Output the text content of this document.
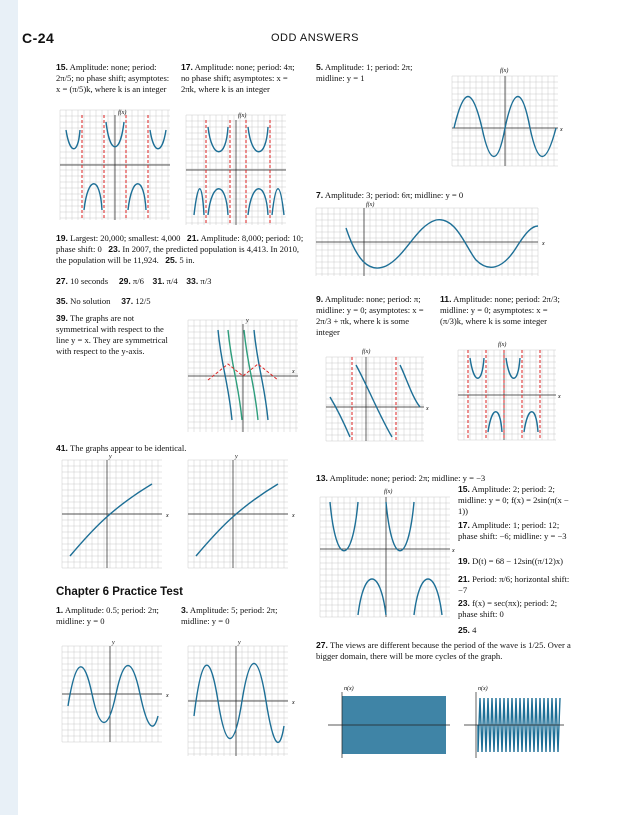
C-24	ODD ANSWERS
15. Amplitude: none; period: 2π/5; no phase shift; asymptotes: x = (π/5)k, where k is an integer
17. Amplitude: none; period: 4π; no phase shift; asymptotes: x = 2πk, where k is an integer
f(x)	f(x)
19. Largest: 20,000; smallest: 4,000 21. Amplitude: 8,000; period: 10; phase shift: 0 23. In 2007, the predicted population is 4,413. In 2010, the population will be 11,924. 25. 5 in.
27. 10 seconds 29. π/6 31. π/4 33. π/3
35. No solution 37. 12/5
39. The graphs are not symmetrical with respect to the line y = x. They are symmetrical with respect to the y-axis.
y
x
41. The graphs appear to be identical.
y
x
y
x
Chapter 6 Practice Test
1. Amplitude: 0.5; period: 2π; midline: y = 0
3. Amplitude: 5; period: 2π; midline: y = 0
y
x
y
x
5. Amplitude: 1; period: 2π; midline: y = 1
f(x)
x
7. Amplitude: 3; period: 6π; midline: y = 0
f(x)
x
9. Amplitude: none; period: π; midline: y = 0; asymptotes: x = 2π/3 + πk, where k is some integer
11. Amplitude: none; period: 2π/3; midline: y = 0; asymptotes: x = (π/3)k, where k is some integer
f(x)
x
f(x)
x
13. Amplitude: none; period: 2π; midline: y = −3
f(x)
x
15. Amplitude: 2; period: 2; midline: y = 0; f(x) = 2sin(π(x − 1))
17. Amplitude: 1; period: 12; phase shift: −6; midline: y = −3
19. D(t) = 68 − 12sin((π/12)x)
21. Period: π/6; horizontal shift: −7
23. f(x) = sec(πx); period: 2; phase shift: 0
25. 4
27. The views are different because the period of the wave is 1/25. Over a bigger domain, there will be more cycles of the graph.
n(x)	n(x)
